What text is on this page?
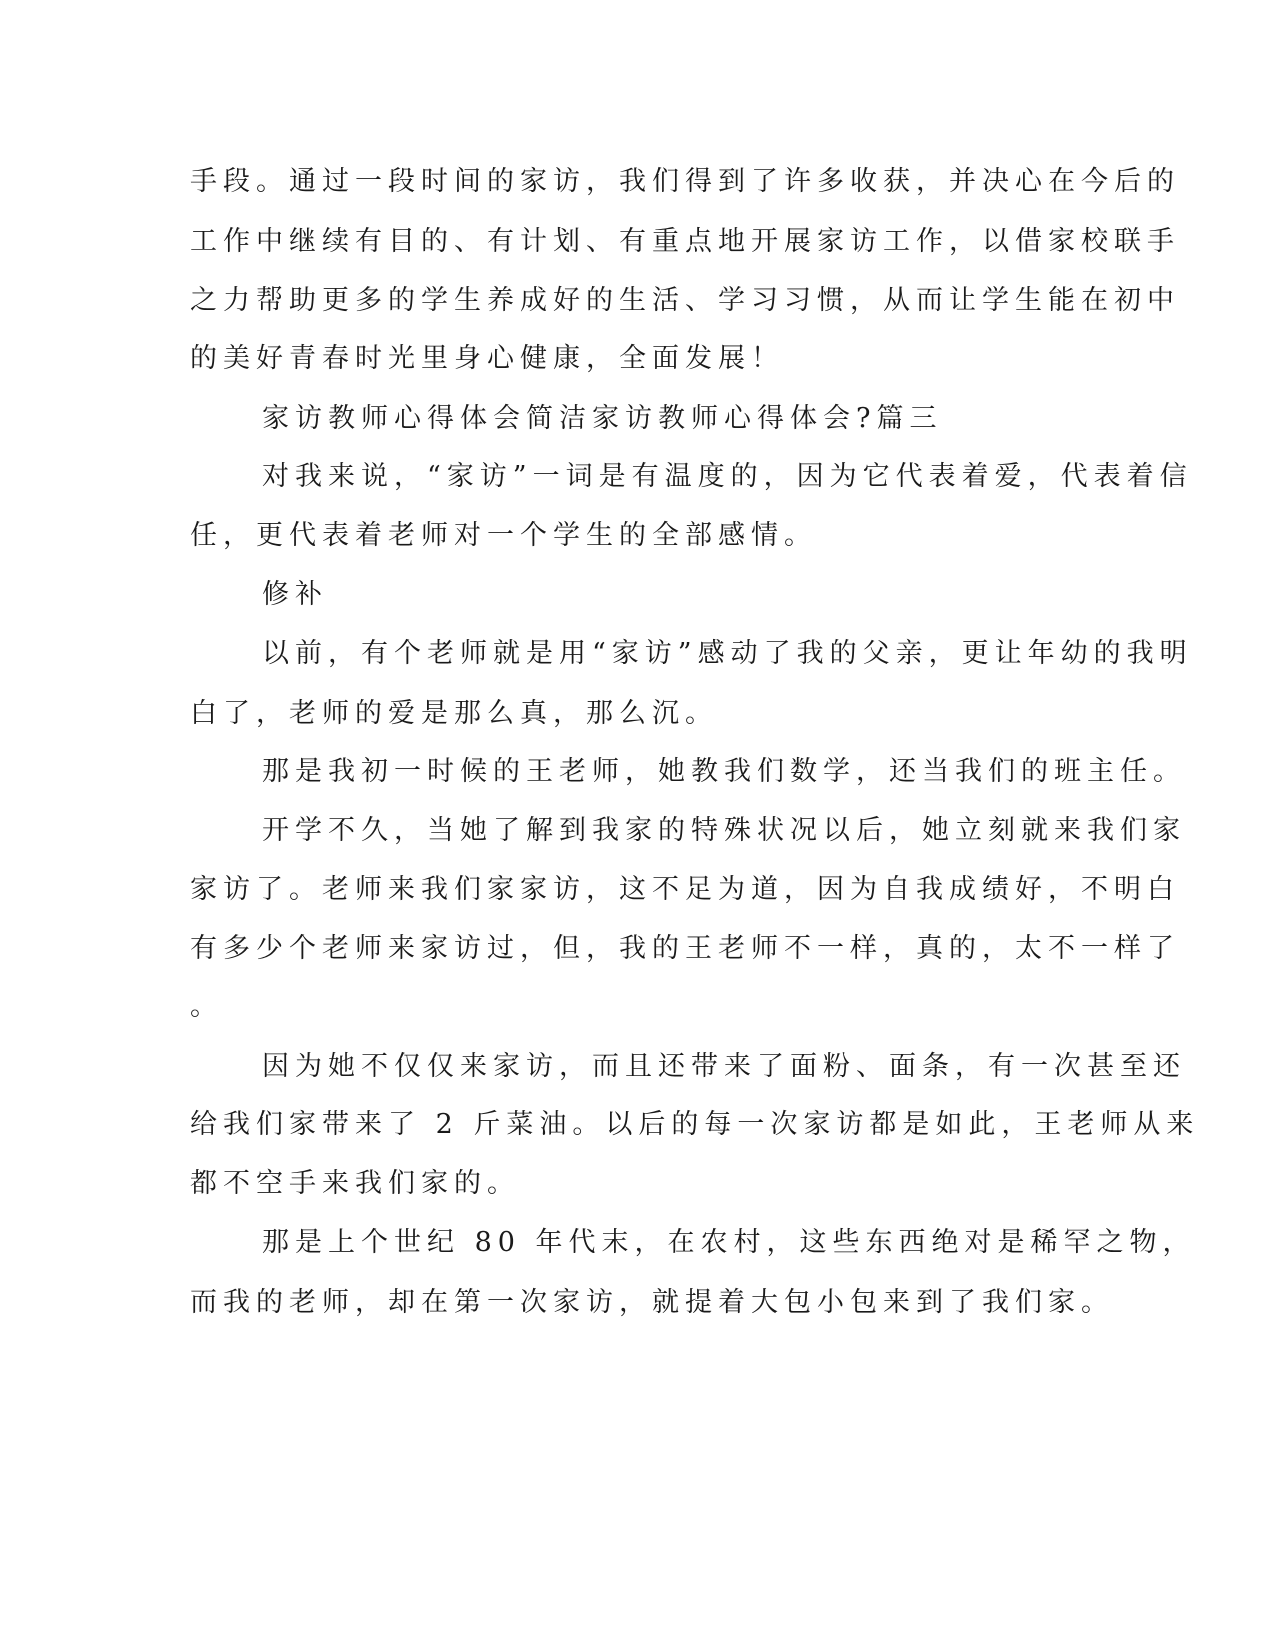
手段。通过一段时间的家访，我们得到了许多收获，并决心在今后的
工作中继续有目的、有计划、有重点地开展家访工作，以借家校联手
之力帮助更多的学生养成好的生活、学习习惯，从而让学生能在初中
的美好青春时光里身心健康，全面发展！
家访教师心得体会简洁家访教师心得体会?篇三
对我来说，“家访”一词是有温度的，因为它代表着爱，代表着信
任，更代表着老师对一个学生的全部感情。
修补
以前，有个老师就是用“家访”感动了我的父亲，更让年幼的我明
白了，老师的爱是那么真，那么沉。
那是我初一时候的王老师，她教我们数学，还当我们的班主任。
开学不久，当她了解到我家的特殊状况以后，她立刻就来我们家
家访了。老师来我们家家访，这不足为道，因为自我成绩好，不明白
有多少个老师来家访过，但，我的王老师不一样，真的，太不一样了
。
因为她不仅仅来家访，而且还带来了面粉、面条，有一次甚至还
给我们家带来了 2 斤菜油。以后的每一次家访都是如此，王老师从来
都不空手来我们家的。
那是上个世纪 80 年代末，在农村，这些东西绝对是稀罕之物，
而我的老师，却在第一次家访，就提着大包小包来到了我们家。
